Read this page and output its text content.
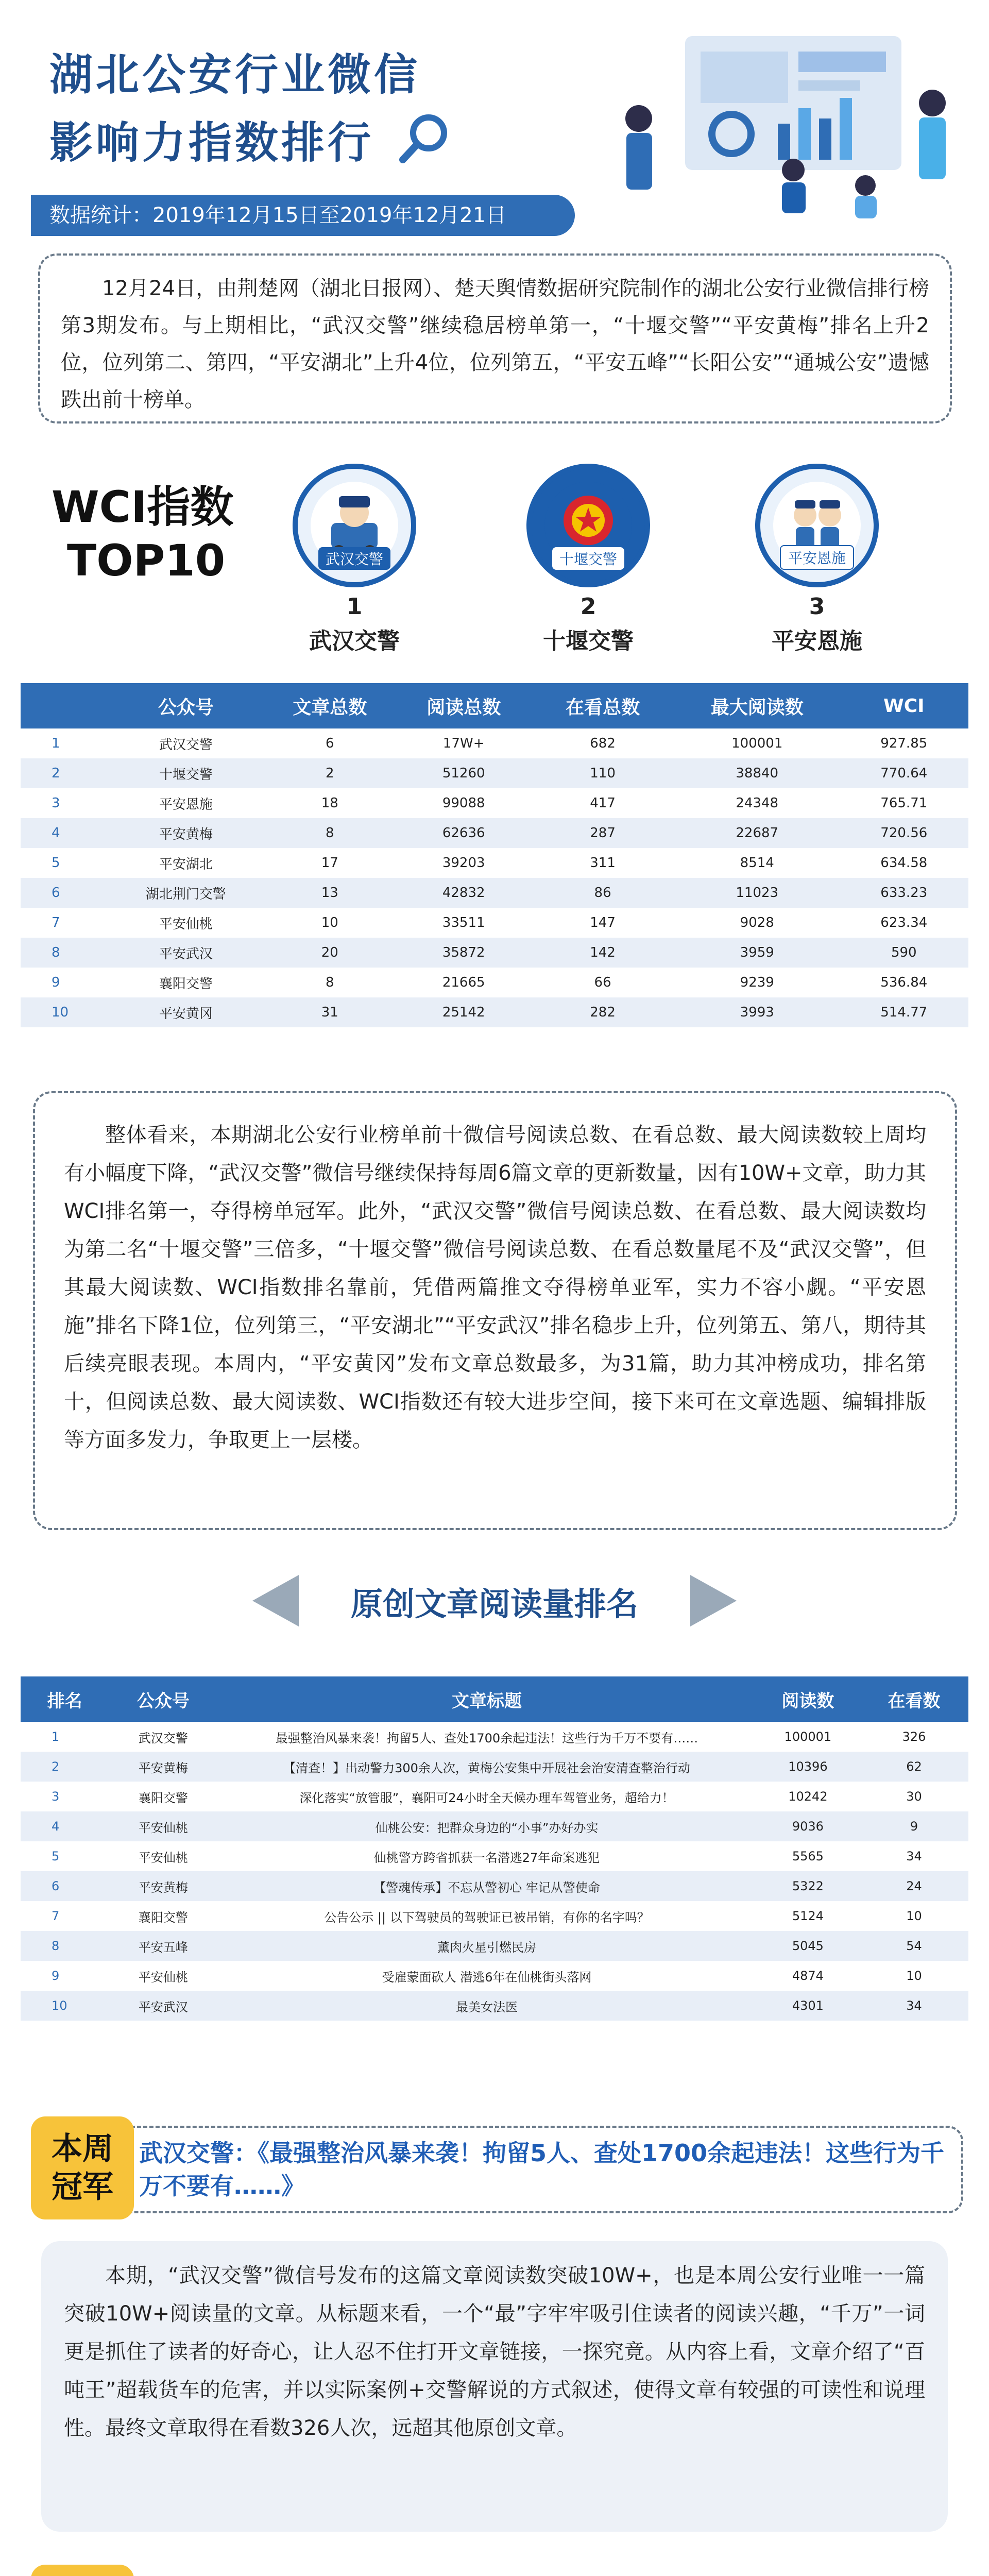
湖北公安行业微信
影响力指数排行
数据统计：2019年12月15日至2019年12月21日
12月24日，由荆楚网（湖北日报网）、楚天舆情数据研究院制作的湖北公安行业微信排行榜第3期发布。与上期相比，“武汉交警”继续稳居榜单第一，“十堰交警”“平安黄梅”排名上升2位，位列第二、第四，“平安湖北”上升4位，位列第五，“平安五峰”“长阳公安”“通城公安”遗憾跌出前十榜单。
WCI指数
TOP10	武汉交警
1
武汉交警
十堰交警
2
十堰交警
平安恩施
3
平安恩施
	公众号	文章总数	阅读总数	在看总数	最大阅读数	WCI
1	武汉交警	6	17W+	682	100001	927.85
2	十堰交警	2	51260	110	38840	770.64
3	平安恩施	18	99088	417	24348	765.71
4	平安黄梅	8	62636	287	22687	720.56
5	平安湖北	17	39203	311	8514	634.58
6	湖北荆门交警	13	42832	86	11023	633.23
7	平安仙桃	10	33511	147	9028	623.34
8	平安武汉	20	35872	142	3959	590
9	襄阳交警	8	21665	66	9239	536.84
10	平安黄冈	31	25142	282	3993	514.77
整体看来，本期湖北公安行业榜单前十微信号阅读总数、在看总数、最大阅读数较上周均有小幅度下降，“武汉交警”微信号继续保持每周6篇文章的更新数量，因有10W+文章，助力其WCI排名第一，夺得榜单冠军。此外，“武汉交警”微信号阅读总数、在看总数、最大阅读数均为第二名“十堰交警”三倍多，“十堰交警”微信号阅读总数、在看总数量尾不及“武汉交警”，但其最大阅读数、WCI指数排名靠前，凭借两篇推文夺得榜单亚军，实力不容小觑。“平安恩施”排名下降1位，位列第三，“平安湖北”“平安武汉”排名稳步上升，位列第五、第八，期待其后续亮眼表现。本周内，“平安黄冈”发布文章总数最多，为31篇，助力其冲榜成功，排名第十，但阅读总数、最大阅读数、WCI指数还有较大进步空间，接下来可在文章选题、编辑排版等方面多发力，争取更上一层楼。
原创文章阅读量排名
排名	公众号	文章标题	阅读数	在看数
1	武汉交警	最强整治风暴来袭！拘留5人、查处1700余起违法！这些行为千万不要有……	100001	326
2	平安黄梅	【清查！】出动警力300余人次，黄梅公安集中开展社会治安清查整治行动	10396	62
3	襄阳交警	深化落实“放管服”，襄阳可24小时全天候办理车驾管业务，超给力！	10242	30
4	平安仙桃	仙桃公安：把群众身边的“小事”办好办实	9036	9
5	平安仙桃	仙桃警方跨省抓获一名潜逃27年命案逃犯	5565	34
6	平安黄梅	【警魂传承】不忘从警初心 牢记从警使命	5322	24
7	襄阳交警	公告公示 || 以下驾驶员的驾驶证已被吊销，有你的名字吗？	5124	10
8	平安五峰	薰肉火星引燃民房	5045	54
9	平安仙桃	受雇蒙面砍人 潜逃6年在仙桃街头落网	4874	10
10	平安武汉	最美女法医	4301	34
武汉交警：《最强整治风暴来袭！拘留5人、查处1700余起违法！这些行为千万不要有……》
本周冠军
本期，“武汉交警”微信号发布的这篇文章阅读数突破10W+，也是本周公安行业唯一一篇突破10W+阅读量的文章。从标题来看，一个“最”字牢牢吸引住读者的阅读兴趣，“千万”一词更是抓住了读者的好奇心，让人忍不住打开文章链接，一探究竟。从内容上看，文章介绍了“百吨王”超载货车的危害，并以实际案例+交警解说的方式叙述，使得文章有较强的可读性和说理性。最终文章取得在看数326人次，远超其他原创文章。
